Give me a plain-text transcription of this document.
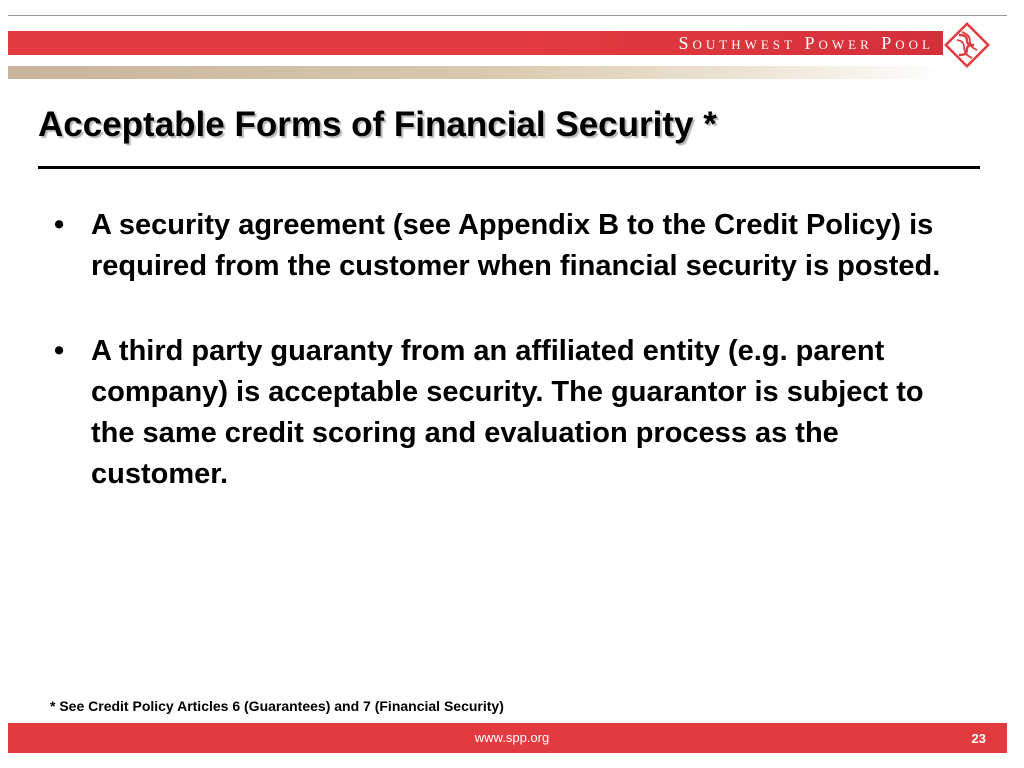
Southwest Power Pool
Acceptable Forms of Financial Security *
• A security agreement (see Appendix B to the Credit Policy) is required from the customer when financial security is posted.
• A third party guaranty from an affiliated entity (e.g. parent company) is acceptable security. The guarantor is subject to the same credit scoring and evaluation process as the customer.

* See Credit Policy Articles 6 (Guarantees) and 7 (Financial Security)

www.spp.org	23
